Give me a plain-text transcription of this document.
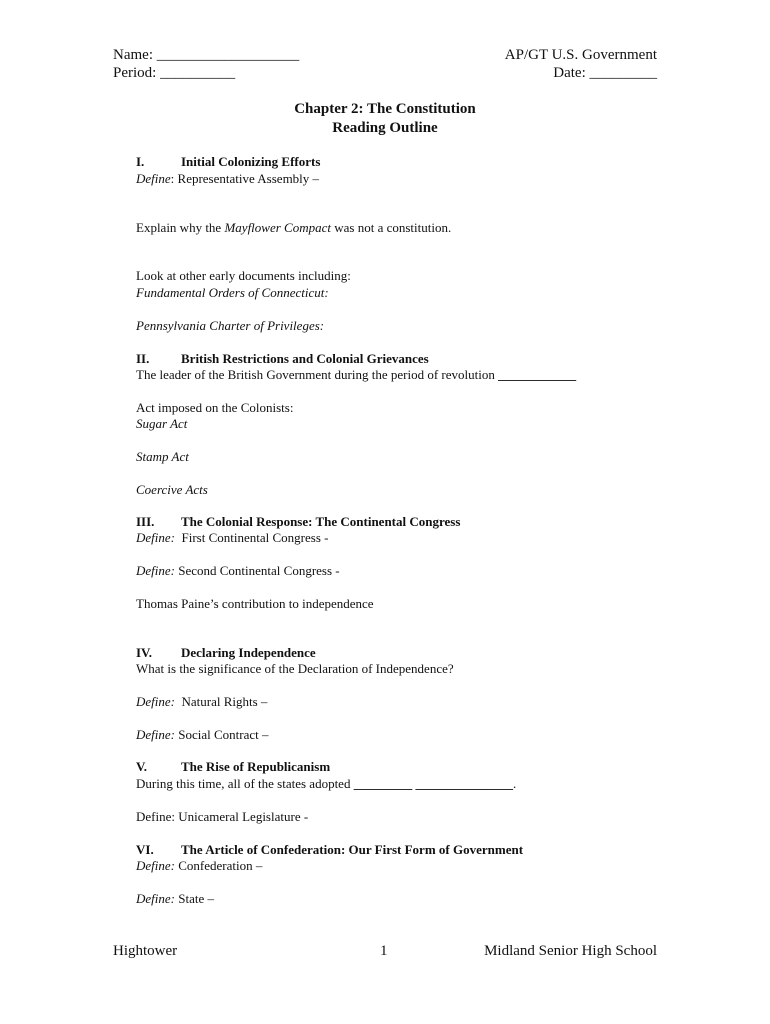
Name: ___________________
Period: __________
AP/GT U.S. Government
Date: _________
Chapter 2: The Constitution
Reading Outline
I.	Initial Colonizing Efforts
Define: Representative Assembly –
Explain why the Mayflower Compact was not a constitution.
Look at other early documents including:
Fundamental Orders of Connecticut:
Pennsylvania Charter of Privileges:
II. British Restrictions and Colonial Grievances
The leader of the British Government during the period of revolution ____________
Act imposed on the Colonists:
Sugar Act
Stamp Act
Coercive Acts
III. The Colonial Response: The Continental Congress
Define:  First Continental Congress -
Define: Second Continental Congress -
Thomas Paine’s contribution to independence
IV. Declaring Independence
What is the significance of the Declaration of Independence?
Define:  Natural Rights –
Define: Social Contract –
V.	The Rise of Republicanism
During this time, all of the states adopted _________ _______________.
Define: Unicameral Legislature -
VI. The Article of Confederation: Our First Form of Government
Define: Confederation –
Define: State –
Hightower	1	Midland Senior High School
